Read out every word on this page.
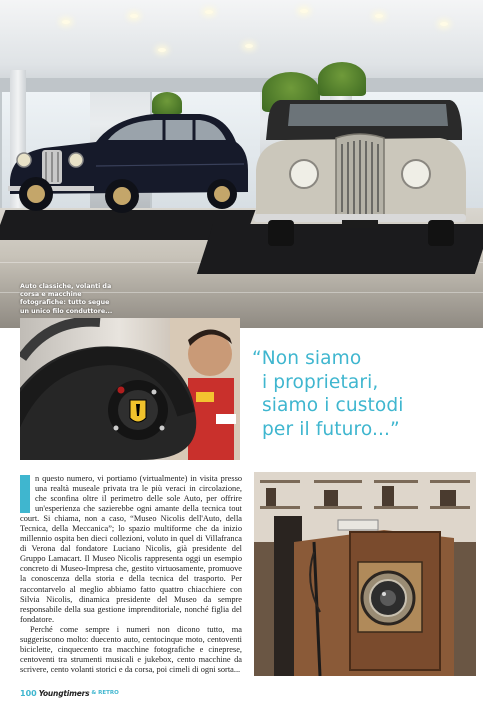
Auto classiche, volanti da corsa e macchine fotografiche: tutto segue un unico filo conduttore...
“Non siamo
i proprietari,
siamo i custodi
per il futuro...”

n questo numero, vi portiamo (virtualmente) in visita presso una realtà museale privata tra le più veraci in circolazione, che sconfina oltre il perimetro delle sole Auto, per offrire un'esperienza che sazierebbe ogni amante della tecnica tout court. Si chiama, non a caso, “Museo Nicolis dell'Auto, della Tecnica, della Meccanica”; lo spazio multiforme che da inizio millennio ospita ben dieci collezioni, voluto in quel di Villafranca di Verona dal fondatore Luciano Nicolis, già presidente del Gruppo Lamacart. Il Museo Nicolis rappresenta oggi un esempio concreto di Museo-Impresa che, gestito virtuosamente, promuove la conoscenza della storia e della tecnica del trasporto. Per raccontarvelo al meglio abbiamo fatto quattro chiacchiere con Silvia Nicolis, dinamica presidente del Museo da sempre responsabile della sua gestione imprenditoriale, nonché figlia del fondatore.

Perché come sempre i numeri non dicono tutto, ma suggeriscono molto: duecento auto, centocinque moto, centoventi biciclette, cinquecento tra macchine fotografiche e cineprese, centoventi tra strumenti musicali e jukebox, cento macchine da scrivere, cento volanti storici e da corsa, poi cimeli di ogni sorta...

100 Youngtimers & RETRO
